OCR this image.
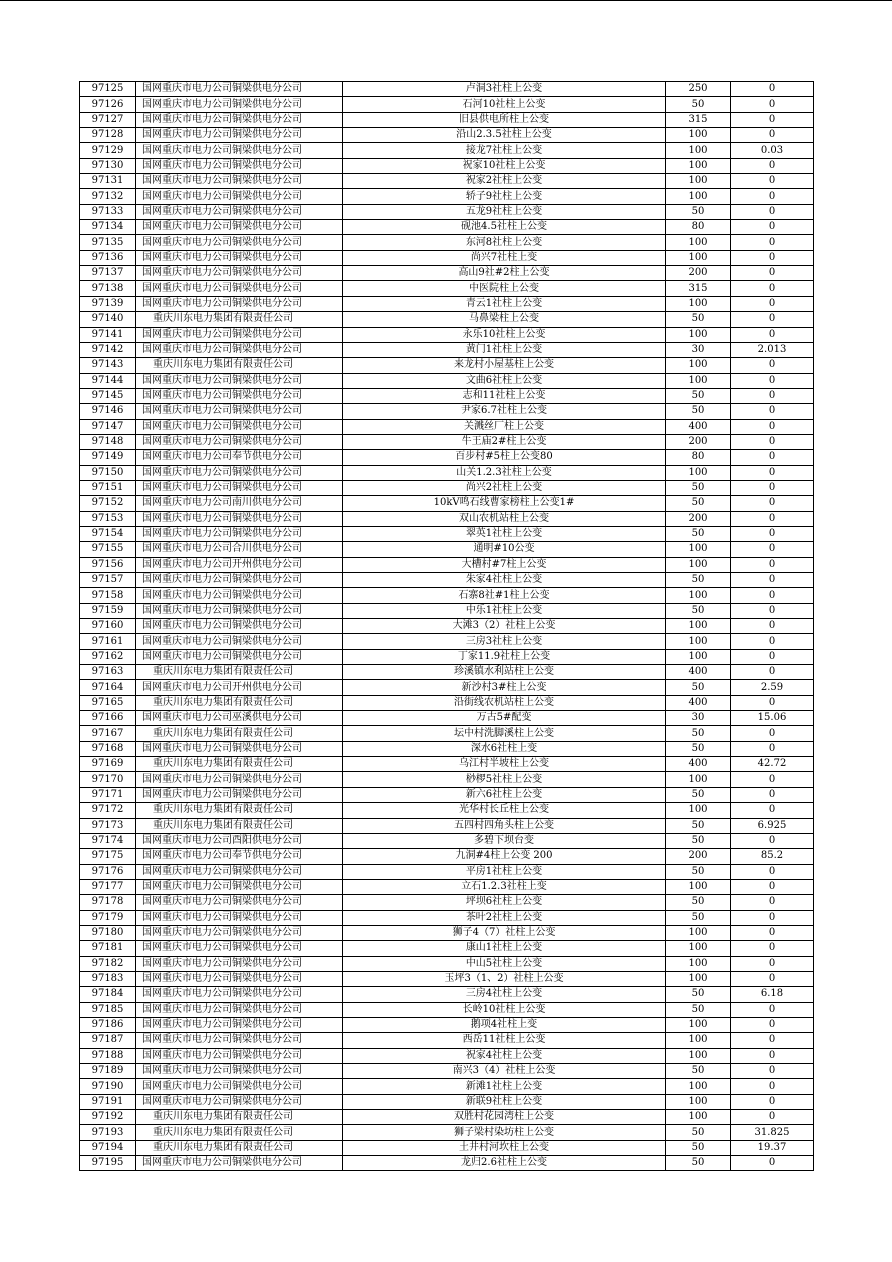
97125	国网重庆市电力公司铜梁供电分公司	卢洞3社柱上公变	250	0
97126	国网重庆市电力公司铜梁供电分公司	石河10社柱上公变	50	0
97127	国网重庆市电力公司铜梁供电分公司	旧县供电所柱上公变	315	0
97128	国网重庆市电力公司铜梁供电分公司	沿山2.3.5社柱上公变	100	0
97129	国网重庆市电力公司铜梁供电分公司	接龙7社柱上公变	100	0.03
97130	国网重庆市电力公司铜梁供电分公司	祝家10社柱上公变	100	0
97131	国网重庆市电力公司铜梁供电分公司	祝家2社柱上公变	100	0
97132	国网重庆市电力公司铜梁供电分公司	轿子9社柱上公变	100	0
97133	国网重庆市电力公司铜梁供电分公司	五龙9社柱上公变	50	0
97134	国网重庆市电力公司铜梁供电分公司	砚池4.5社柱上公变	80	0
97135	国网重庆市电力公司铜梁供电分公司	东河8社柱上公变	100	0
97136	国网重庆市电力公司铜梁供电分公司	尚兴7社柱上变	100	0
97137	国网重庆市电力公司铜梁供电分公司	高山9社#2柱上公变	200	0
97138	国网重庆市电力公司铜梁供电分公司	中医院柱上公变	315	0
97139	国网重庆市电力公司铜梁供电分公司	青云1社柱上公变	100	0
97140	重庆川东电力集团有限责任公司	马鼻梁柱上公变	50	0
97141	国网重庆市电力公司铜梁供电分公司	永乐10社柱上公变	100	0
97142	国网重庆市电力公司铜梁供电分公司	黄门1社柱上公变	30	2.013
97143	重庆川东电力集团有限责任公司	来龙村小屋基柱上公变	100	0
97144	国网重庆市电力公司铜梁供电分公司	文曲6社柱上公变	100	0
97145	国网重庆市电力公司铜梁供电分公司	志和11社柱上公变	50	0
97146	国网重庆市电力公司铜梁供电分公司	尹家6.7社柱上公变	50	0
97147	国网重庆市电力公司铜梁供电分公司	关溅丝厂柱上公变	400	0
97148	国网重庆市电力公司铜梁供电分公司	牛王庙2#柱上公变	200	0
97149	国网重庆市电力公司奉节供电分公司	百步村#5柱上公变80	80	0
97150	国网重庆市电力公司铜梁供电分公司	山关1.2.3社柱上公变	100	0
97151	国网重庆市电力公司铜梁供电分公司	尚兴2社柱上公变	50	0
97152	国网重庆市电力公司南川供电分公司	10kV鸣石线曹家榜柱上公变1#	50	0
97153	国网重庆市电力公司铜梁供电分公司	双山农机站柱上公变	200	0
97154	国网重庆市电力公司铜梁供电分公司	翠英1社柱上公变	50	0
97155	国网重庆市电力公司合川供电分公司	通明#10公变	100	0
97156	国网重庆市电力公司开州供电分公司	大槽村#7柱上公变	100	0
97157	国网重庆市电力公司铜梁供电分公司	朱家4社柱上公变	50	0
97158	国网重庆市电力公司铜梁供电分公司	石寨8社#1柱上公变	100	0
97159	国网重庆市电力公司铜梁供电分公司	中乐1社柱上公变	50	0
97160	国网重庆市电力公司铜梁供电分公司	大滩3（2）社柱上公变	100	0
97161	国网重庆市电力公司铜梁供电分公司	三房3社柱上公变	100	0
97162	国网重庆市电力公司铜梁供电分公司	丁家11.9社柱上公变	100	0
97163	重庆川东电力集团有限责任公司	珍溪镇水利站柱上公变	400	0
97164	国网重庆市电力公司开州供电分公司	新沙村3#柱上公变	50	2.59
97165	重庆川东电力集团有限责任公司	沿街线农机站柱上公变	400	0
97166	国网重庆市电力公司巫溪供电分公司	万古5#配变	30	15.06
97167	重庆川东电力集团有限责任公司	坛中村洗脚溪柱上公变	50	0
97168	国网重庆市电力公司铜梁供电分公司	深水6社柱上变	50	0
97169	重庆川东电力集团有限责任公司	乌江村半坡柱上公变	400	42.72
97170	国网重庆市电力公司铜梁供电分公司	桫椤5社柱上公变	100	0
97171	国网重庆市电力公司铜梁供电分公司	新六6社柱上公变	50	0
97172	重庆川东电力集团有限责任公司	光华村长丘柱上公变	100	0
97173	重庆川东电力集团有限责任公司	五四村四角头柱上公变	50	6.925
97174	国网重庆市电力公司酉阳供电分公司	多碧下坝台变	50	0
97175	国网重庆市电力公司奉节供电分公司	九洞#4柱上公变 200	200	85.2
97176	国网重庆市电力公司铜梁供电分公司	平房1社柱上公变	50	0
97177	国网重庆市电力公司铜梁供电分公司	立石1.2.3社柱上变	100	0
97178	国网重庆市电力公司铜梁供电分公司	坪坝6社柱上公变	50	0
97179	国网重庆市电力公司铜梁供电分公司	茶叶2社柱上公变	50	0
97180	国网重庆市电力公司铜梁供电分公司	狮子4（7）社柱上公变	100	0
97181	国网重庆市电力公司铜梁供电分公司	康山1社柱上公变	100	0
97182	国网重庆市电力公司铜梁供电分公司	中山5社柱上公变	100	0
97183	国网重庆市电力公司铜梁供电分公司	玉坪3（1、2）社柱上公变	100	0
97184	国网重庆市电力公司铜梁供电分公司	三房4社柱上公变	50	6.18
97185	国网重庆市电力公司铜梁供电分公司	长岭10社柱上公变	50	0
97186	国网重庆市电力公司铜梁供电分公司	鹅项4社柱上变	100	0
97187	国网重庆市电力公司铜梁供电分公司	西岳11社柱上公变	100	0
97188	国网重庆市电力公司铜梁供电分公司	祝家4社柱上公变	100	0
97189	国网重庆市电力公司铜梁供电分公司	南兴3（4）社柱上公变	50	0
97190	国网重庆市电力公司铜梁供电分公司	新滩1社柱上公变	100	0
97191	国网重庆市电力公司铜梁供电分公司	新联9社柱上公变	100	0
97192	重庆川东电力集团有限责任公司	双胜村花园湾柱上公变	100	0
97193	重庆川东电力集团有限责任公司	狮子梁村染坊柱上公变	50	31.825
97194	重庆川东电力集团有限责任公司	土井村河坎柱上公变	50	19.37
97195	国网重庆市电力公司铜梁供电分公司	龙归2.6社柱上公变	50	0
